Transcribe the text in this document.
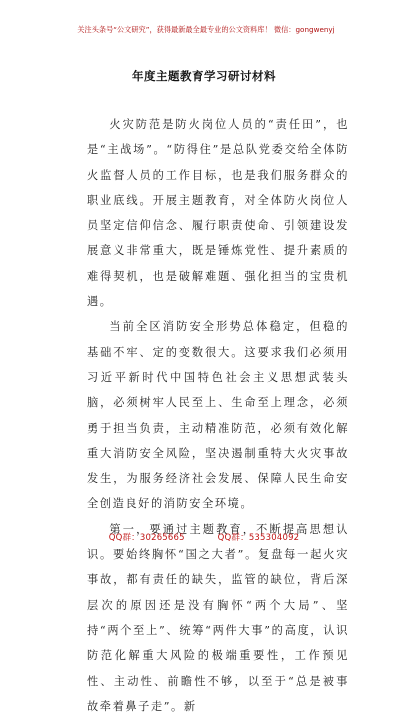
关注头条号“公文研究”，获得最新最全最专业的公文资料库！ 微信：gongwenyj
年度主题教育学习研讨材料

火灾防范是防火岗位人员的“责任田”，也是“主战场”。“防得住”是总队党委交给全体防火监督人员的工作目标，也是我们服务群众的职业底线。开展主题教育，对全体防火岗位人员坚定信仰信念、履行职责使命、引领建设发展意义非常重大，既是锤炼党性、提升素质的难得契机，也是破解难题、强化担当的宝贵机遇。

当前全区消防安全形势总体稳定，但稳的基础不牢、定的变数很大。这要求我们必须用习近平新时代中国特色社会主义思想武装头脑，必须树牢人民至上、生命至上理念，必须勇于担当负责，主动精准防范，必须有效化解重大消防安全风险，坚决遏制重特大火灾事故发生，为服务经济社会发展、保障人民生命安全创造良好的消防安全环境。

第一，要通过主题教育，不断提高思想认识。要始终胸怀“国之大者”。复盘每一起火灾事故，都有责任的缺失，监管的缺位，背后深层次的原因还是没有胸怀“两个大局”、坚持“两个至上”、统筹“两件大事”的高度，认识防范化解重大风险的极端重要性，工作预见性、主动性、前瞻性不够，以至于“总是被事故牵着鼻子走”。新

QQ群：30265665	QQ群：535304092
